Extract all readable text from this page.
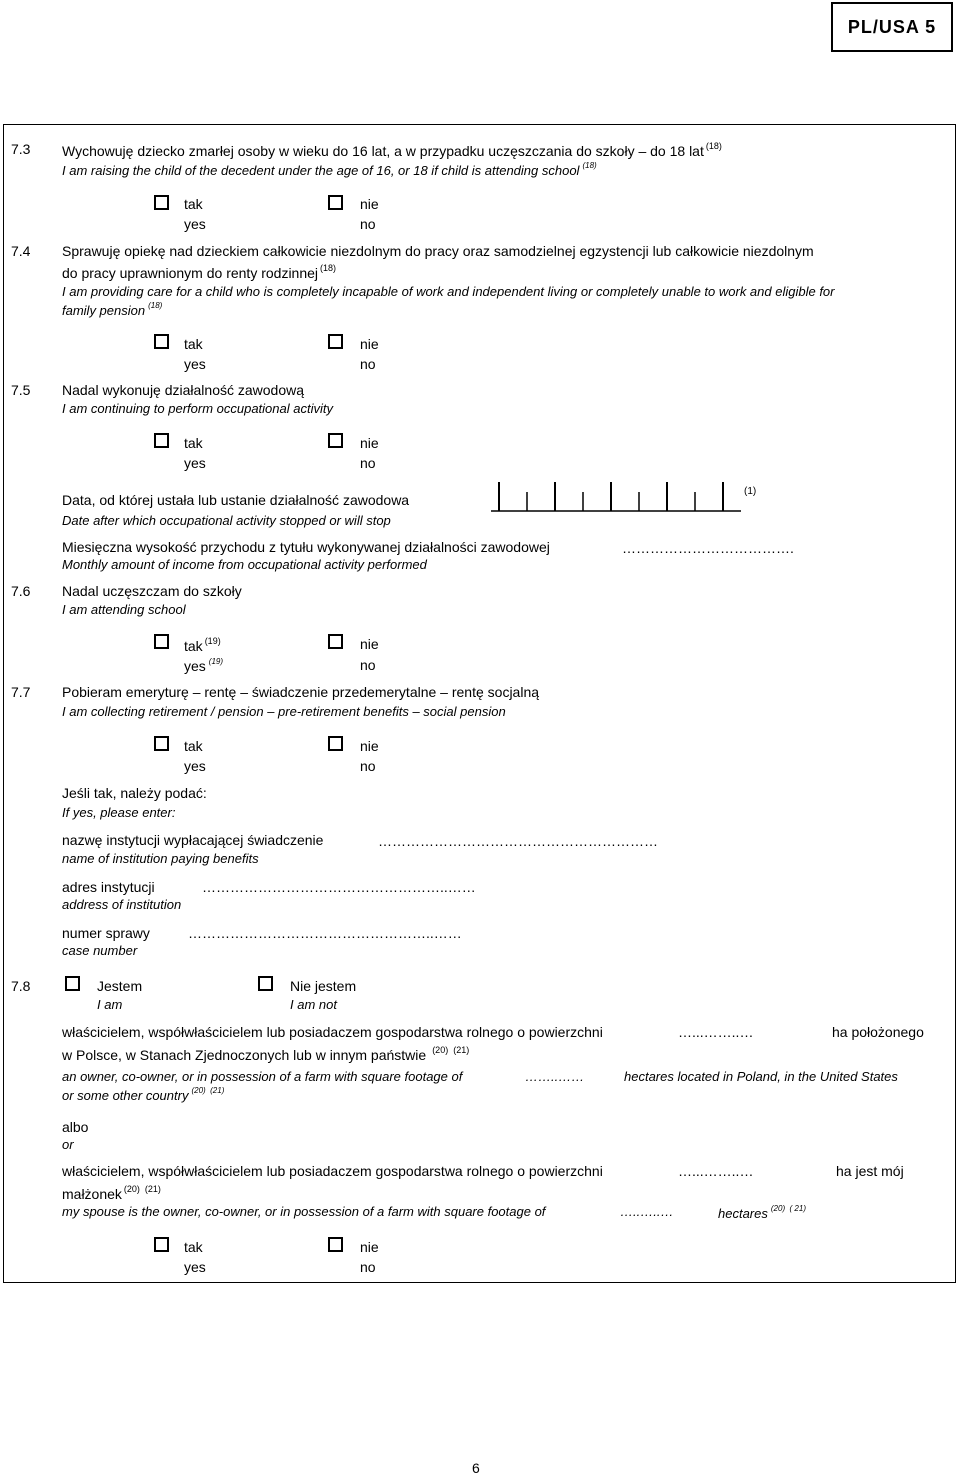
PL/USA 5
7.3 Wychowuję dziecko zmarłej osoby w wieku do 16 lat, a w przypadku uczęszczania do szkoły – do 18 lat $^{(18)}$
I am raising the child of the decedent under the age of 16, or 18 if child is attending school $^{(18)}$
tak
yes
nie
no
7.4 Sprawuję opiekę nad dzieckiem całkowicie niezdolnym do pracy oraz samodzielnej egzystencji lub całkowicie niezdolnym
do pracy uprawnionym do renty rodzinnej $^{(18)}$
I am providing care for a child who is completely incapable of work and independent living or completely unable to work and eligible for
family pension $^{(18)}$
tak
yes
nie
no
7.5 Nadal wykonuję działalność zawodową
I am continuing to perform occupational activity
tak
yes
nie
no
Data, od której ustała lub ustanie działalność zawodowa
Date after which occupational activity stopped or will stop
(1)
Miesięczna wysokość przychodu z tytułu wykonywanej działalności zawodowej
Monthly amount of income from occupational activity performed
……………………………….
7.6 Nadal uczęszczam do szkoły
I am attending school
tak $^{(19)}$
yes $^{(19)}$
nie
no
7.7 Pobieram emeryturę – rentę – świadczenie przedemerytalne – rentę socjalną
I am collecting retirement / pension – pre-retirement benefits – social pension
tak
yes
nie
no
Jeśli tak, należy podać:
If yes, please enter:
nazwę instytucji wypłacającej świadczenie
name of institution paying benefits
……………………………………………………
adres instytucji
address of institution
……………………………………………..……
numer sprawy
case number
……………………………………………..……
7.8	Jestem
I am
Nie jestem
I am not
właścicielem, współwłaścicielem lub posiadaczem gospodarstwa rolnego o powierzchni	…...……..…	ha położonego
w Polsce, w Stanach Zjednoczonych lub w innym państwie $^{(20) (21)}$
an owner, co-owner, or in possession of a farm with square footage of	……..……	hectares located in Poland, in the United States
or some other country $^{(20) (21)}$
albo
or
właścicielem, współwłaścicielem lub posiadaczem gospodarstwa rolnego o powierzchni	…...……..…	ha jest mój
małżonek $^{(20) (21)}$
my spouse is the owner, co-owner, or in possession of a farm with square footage of	…..…..…	hectares $^{(20) ( 21)}$
tak
yes
nie
no
6
